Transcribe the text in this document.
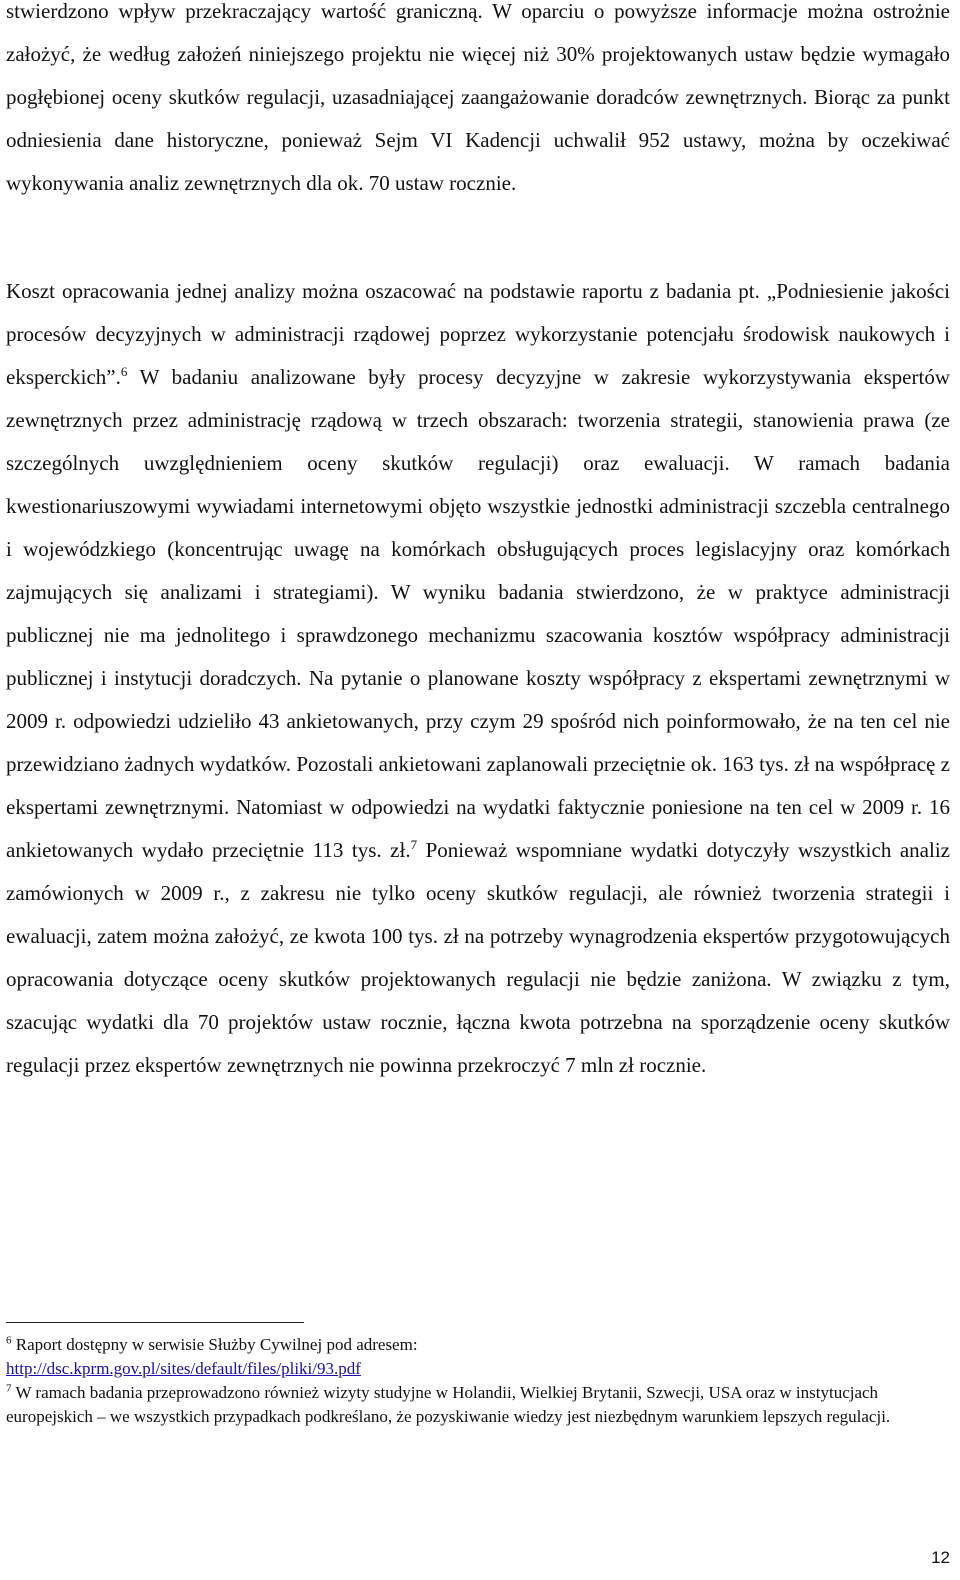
stwierdzono wpływ przekraczający wartość graniczną. W oparciu o powyższe informacje można ostrożnie założyć, że według założeń niniejszego projektu nie więcej niż 30% projektowanych ustaw będzie wymagało pogłębionej oceny skutków regulacji, uzasadniającej zaangażowanie doradców zewnętrznych. Biorąc za punkt odniesienia dane historyczne, ponieważ Sejm VI Kadencji uchwalił 952 ustawy, można by oczekiwać wykonywania analiz zewnętrznych dla ok. 70 ustaw rocznie.

Koszt opracowania jednej analizy można oszacować na podstawie raportu z badania pt. „Podniesienie jakości procesów decyzyjnych w administracji rządowej poprzez wykorzystanie potencjału środowisk naukowych i eksperckich”.$^6$ W badaniu analizowane były procesy decyzyjne w zakresie wykorzystywania ekspertów zewnętrznych przez administrację rządową w trzech obszarach: tworzenia strategii, stanowienia prawa (ze szczególnych uwzględnieniem oceny skutków regulacji) oraz ewaluacji. W ramach badania kwestionariuszowymi wywiadami internetowymi objęto wszystkie jednostki administracji szczebla centralnego i wojewódzkiego (koncentrując uwagę na komórkach obsługujących proces legislacyjny oraz komórkach zajmujących się analizami i strategiami). W wyniku badania stwierdzono, że w praktyce administracji publicznej nie ma jednolitego i sprawdzonego mechanizmu szacowania kosztów współpracy administracji publicznej i instytucji doradczych. Na pytanie o planowane koszty współpracy z ekspertami zewnętrznymi w 2009 r. odpowiedzi udzieliło 43 ankietowanych, przy czym 29 spośród nich poinformowało, że na ten cel nie przewidziano żadnych wydatków. Pozostali ankietowani zaplanowali przeciętnie ok. 163 tys. zł na współpracę z ekspertami zewnętrznymi. Natomiast w odpowiedzi na wydatki faktycznie poniesione na ten cel w 2009 r. 16 ankietowanych wydało przeciętnie 113 tys. zł.$^7$ Ponieważ wspomniane wydatki dotyczyły wszystkich analiz zamówionych w 2009 r., z zakresu nie tylko oceny skutków regulacji, ale również tworzenia strategii i ewaluacji, zatem można założyć, ze kwota 100 tys. zł na potrzeby wynagrodzenia ekspertów przygotowujących opracowania dotyczące oceny skutków projektowanych regulacji nie będzie zaniżona. W związku z tym, szacując wydatki dla 70 projektów ustaw rocznie, łączna kwota potrzebna na sporządzenie oceny skutków regulacji przez ekspertów zewnętrznych nie powinna przekroczyć 7 mln zł rocznie.

$^6$ Raport dostępny w serwisie Służby Cywilnej pod adresem:
http://dsc.kprm.gov.pl/sites/default/files/pliki/93.pdf

$^7$ W ramach badania przeprowadzono również wizyty studyjne w Holandii, Wielkiej Brytanii, Szwecji, USA oraz w instytucjach europejskich – we wszystkich przypadkach podkreślano, że pozyskiwanie wiedzy jest niezbędnym warunkiem lepszych regulacji.

12
